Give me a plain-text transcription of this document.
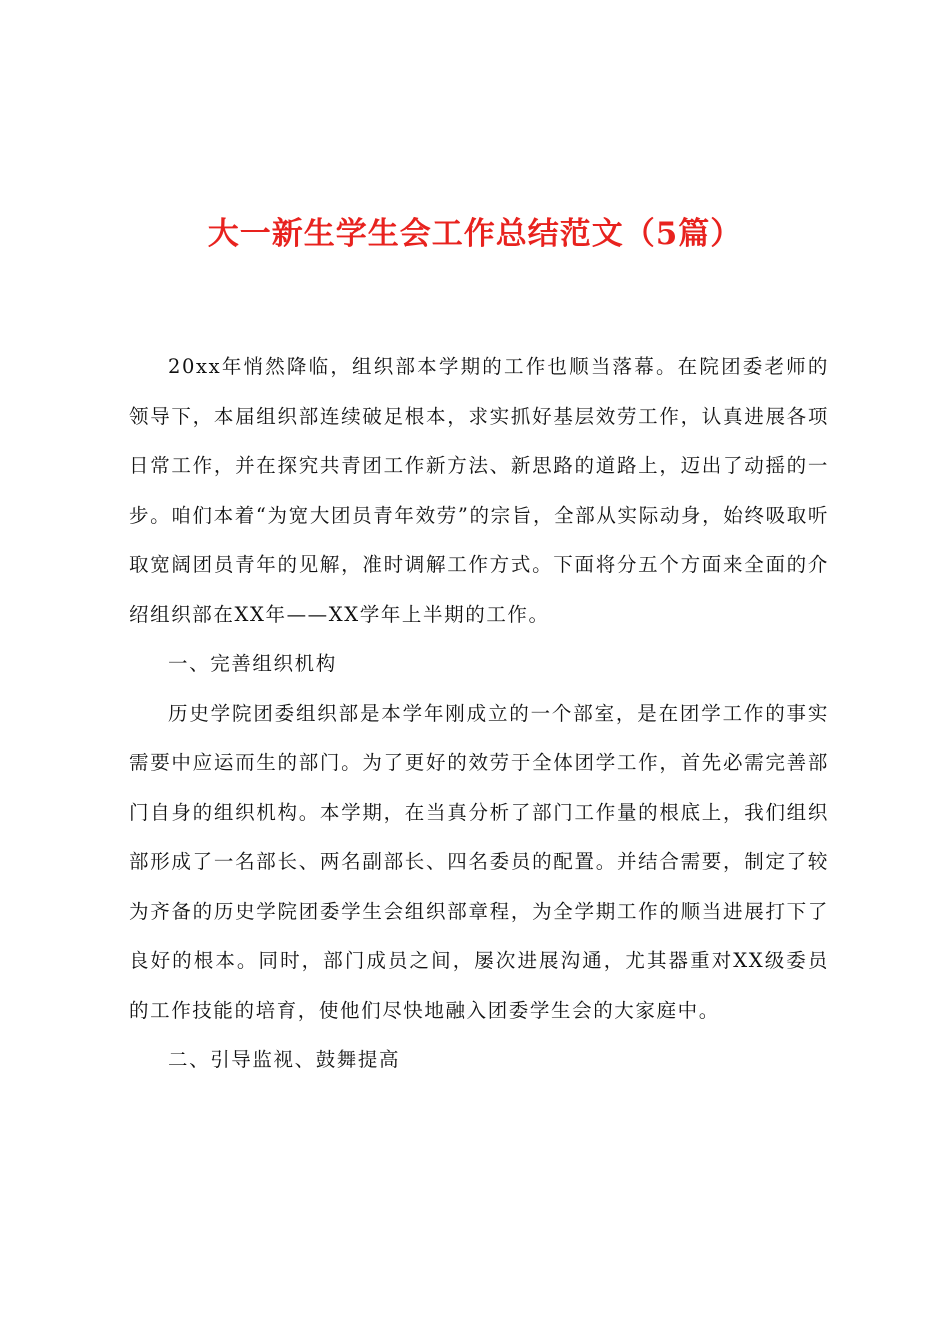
大一新生学生会工作总结范文（5篇）

20xx年悄然降临，组织部本学期的工作也顺当落幕。在院团委老师的领导下，本届组织部连续破足根本，求实抓好基层效劳工作，认真进展各项日常工作，并在探究共青团工作新方法、新思路的道路上，迈出了动摇的一步。咱们本着“为宽大团员青年效劳”的宗旨，全部从实际动身，始终吸取听取宽阔团员青年的见解，准时调解工作方式。下面将分五个方面来全面的介绍组织部在XX年——XX学年上半期的工作。

一、完善组织机构

历史学院团委组织部是本学年刚成立的一个部室，是在团学工作的事实需要中应运而生的部门。为了更好的效劳于全体团学工作，首先必需完善部门自身的组织机构。本学期，在当真分析了部门工作量的根底上，我们组织部形成了一名部长、两名副部长、四名委员的配置。并结合需要，制定了较为齐备的历史学院团委学生会组织部章程，为全学期工作的顺当进展打下了良好的根本。同时，部门成员之间，屡次进展沟通，尤其器重对XX级委员的工作技能的培育，使他们尽快地融入团委学生会的大家庭中。

二、引导监视、鼓舞提高
